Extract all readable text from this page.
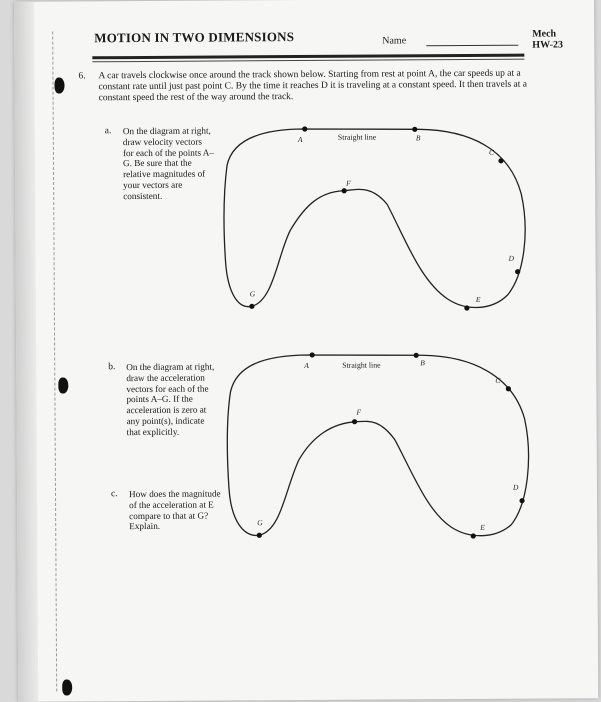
MOTION IN TWO DIMENSIONS	Name
Mech
HW-23
6. A car travels clockwise once around the track shown below. Starting from rest at point A, the car speeds up at a constant rate until just past point C. By the time it reaches D it is traveling at a constant speed. It then travels at a constant speed the rest of the way around the track.
a. On the diagram at right, draw velocity vectors for each of the points A–G. Be sure that the relative magnitudes of your vectors are consistent.
b. On the diagram at right, draw the acceleration vectors for each of the points A–G. If the acceleration is zero at any point(s), indicate that explicitly.
c. How does the magnitude of the acceleration at E compare to that at G? Explain.
A	Straight line	B
C
D
E
F
G
A	Straight line	B
C
D
E
F
G
